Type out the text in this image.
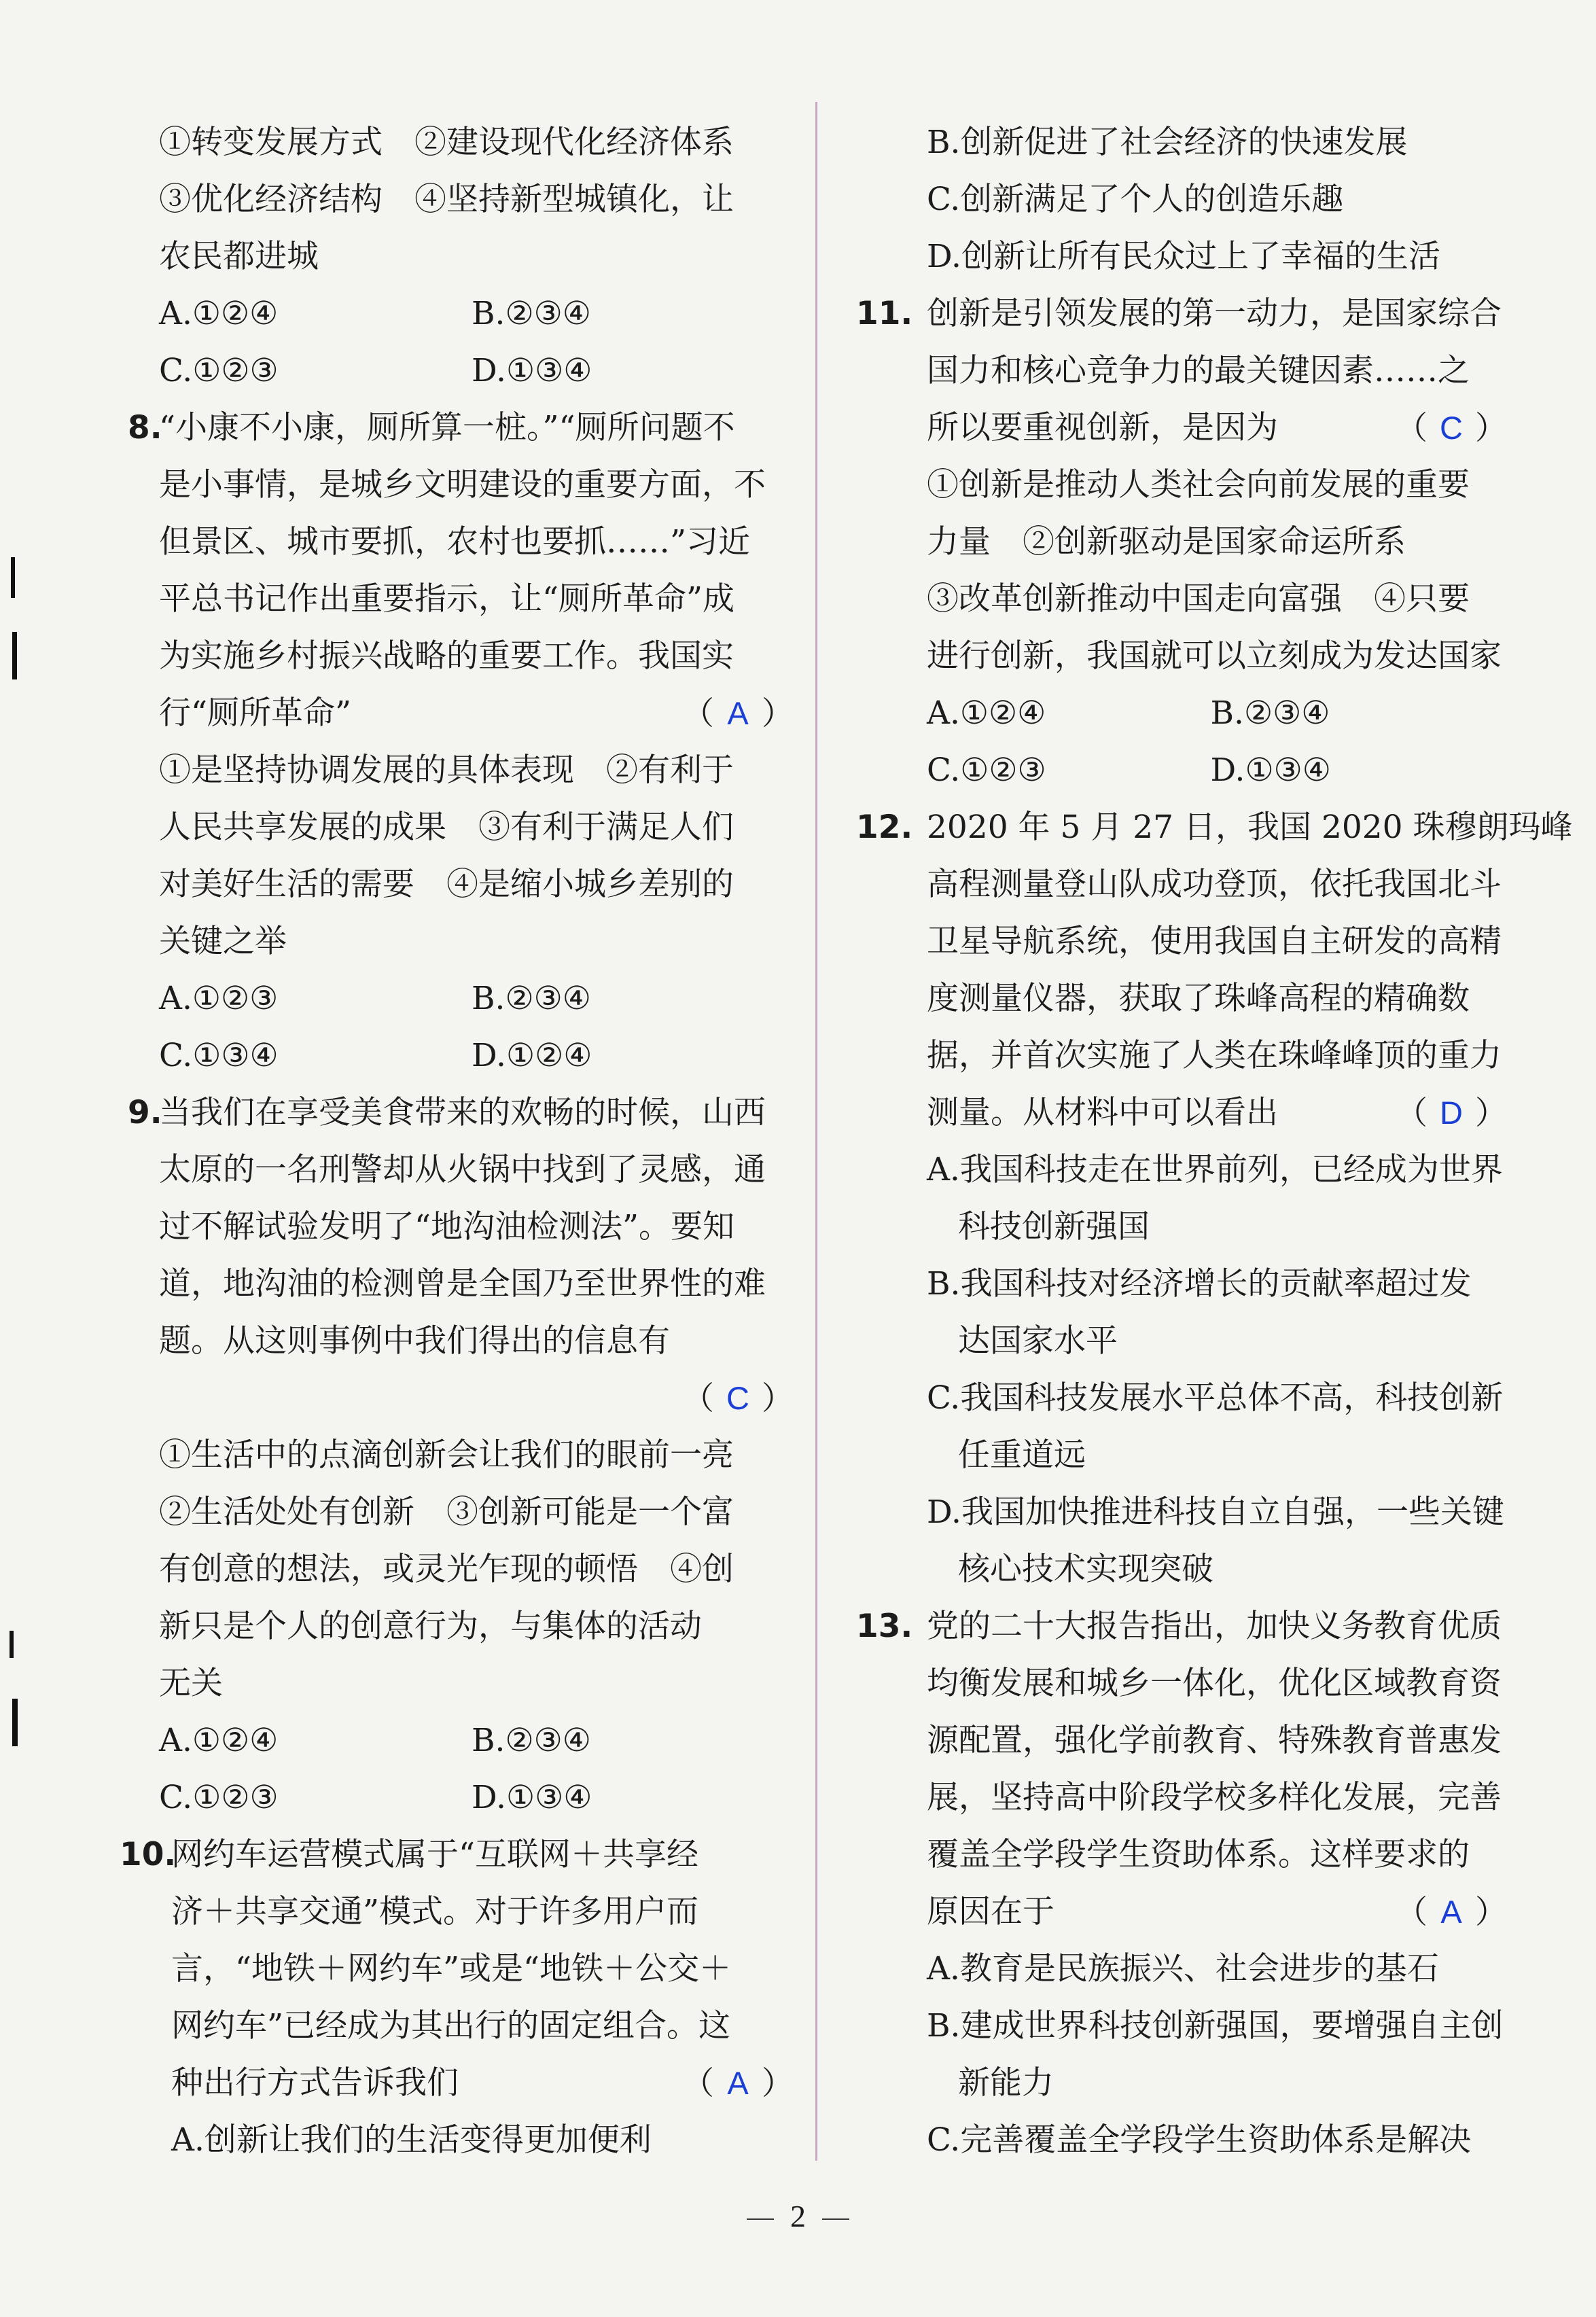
①转变发展方式　②建设现代化经济体系
③优化经济结构　④坚持新型城镇化，让
农民都进城
A.①②④	B.②③④
C.①②③	D.①③④
8.
“小康不小康，厕所算一桩。”“厕所问题不
是小事情，是城乡文明建设的重要方面，不
但景区、城市要抓，农村也要抓……”习近
平总书记作出重要指示，让“厕所革命”成
为实施乡村振兴战略的重要工作。我国实
行“厕所革命”	（ A ）
①是坚持协调发展的具体表现　②有利于
人民共享发展的成果　③有利于满足人们
对美好生活的需要　④是缩小城乡差别的
关键之举
A.①②③	B.②③④
C.①③④	D.①②④
9.
当我们在享受美食带来的欢畅的时候，山西
太原的一名刑警却从火锅中找到了灵感，通
过不解试验发明了“地沟油检测法”。要知
道，地沟油的检测曾是全国乃至世界性的难
题。从这则事例中我们得出的信息有
（ C ）
①生活中的点滴创新会让我们的眼前一亮
②生活处处有创新　③创新可能是一个富
有创意的想法，或灵光乍现的顿悟　④创
新只是个人的创意行为，与集体的活动
无关
A.①②④	B.②③④
C.①②③	D.①③④
10.
网约车运营模式属于“互联网＋共享经
济＋共享交通”模式。对于许多用户而
言，“地铁＋网约车”或是“地铁＋公交＋
网约车”已经成为其出行的固定组合。这
种出行方式告诉我们	（ A ）
A.创新让我们的生活变得更加便利
B.创新促进了社会经济的快速发展
C.创新满足了个人的创造乐趣
D.创新让所有民众过上了幸福的生活
11. 创新是引领发展的第一动力，是国家综合
国力和核心竞争力的最关键因素……之
所以要重视创新，是因为	（ C ）
①创新是推动人类社会向前发展的重要
力量　②创新驱动是国家命运所系
③改革创新推动中国走向富强　④只要
进行创新，我国就可以立刻成为发达国家
A.①②④	B.②③④
C.①②③	D.①③④
12. 2020 年 5 月 27 日，我国 2020 珠穆朗玛峰
高程测量登山队成功登顶，依托我国北斗
卫星导航系统，使用我国自主研发的高精
度测量仪器，获取了珠峰高程的精确数
据，并首次实施了人类在珠峰峰顶的重力
测量。从材料中可以看出	（ D ）
A.我国科技走在世界前列，已经成为世界
科技创新强国
B.我国科技对经济增长的贡献率超过发
达国家水平
C.我国科技发展水平总体不高，科技创新
任重道远
D.我国加快推进科技自立自强，一些关键
核心技术实现突破
13. 党的二十大报告指出，加快义务教育优质
均衡发展和城乡一体化，优化区域教育资
源配置，强化学前教育、特殊教育普惠发
展，坚持高中阶段学校多样化发展，完善
覆盖全学段学生资助体系。这样要求的
原因在于	（ A ）
A.教育是民族振兴、社会进步的基石
B.建成世界科技创新强国，要增强自主创
新能力
C.完善覆盖全学段学生资助体系是解决
2
